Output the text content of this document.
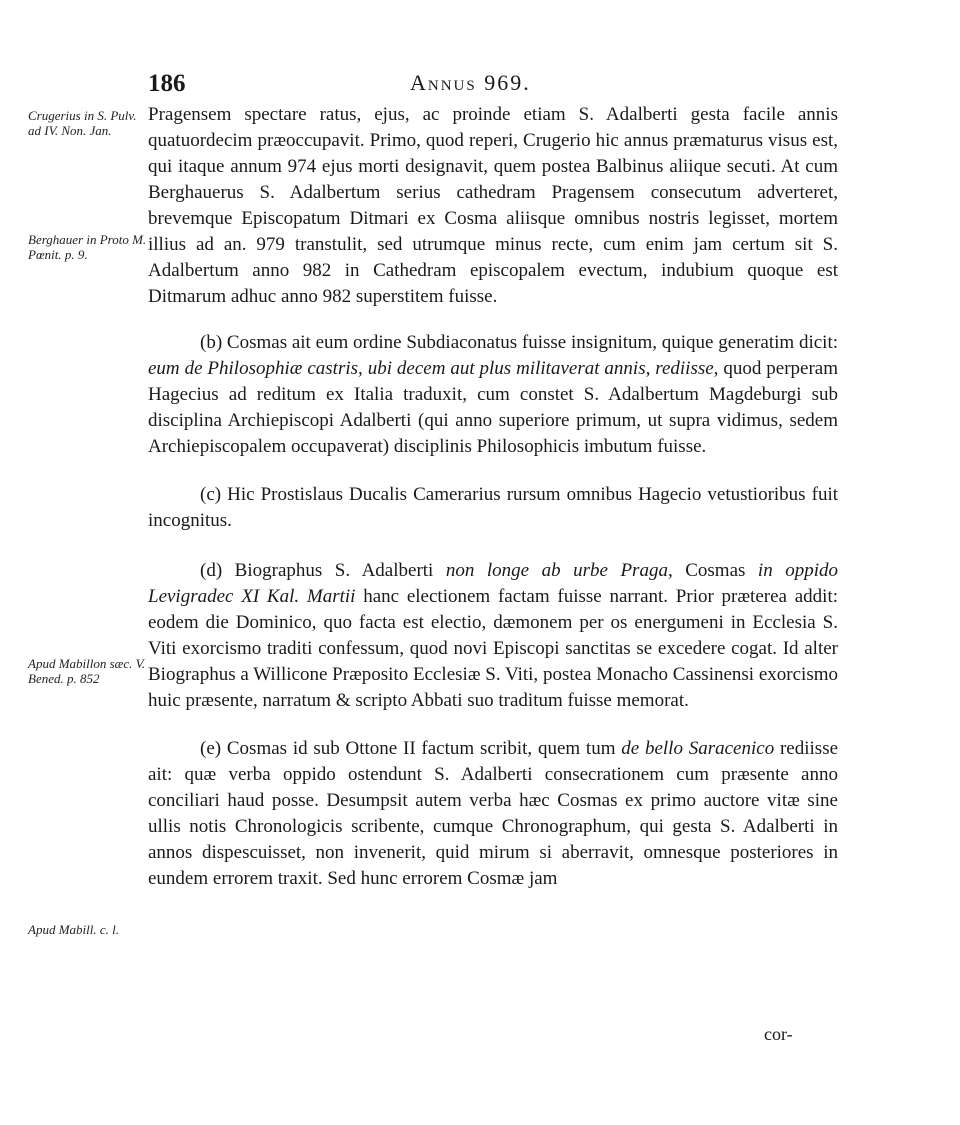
186	Annus 969.
Crugerius in S. Pulv. ad IV. Non. Jan.
Berghauer in Proto M. Pœnit. p. 9.
Apud Mabillon sæc. V. Bened. p. 852
Apud Mabill. c. l.

Pragensem spectare ratus, ejus, ac proinde etiam S. Adalberti gesta facile annis quatuordecim præoccupavit. Primo, quod reperi, Crugerio hic annus præmaturus visus est, qui itaque annum 974 ejus morti designavit, quem postea Balbinus aliique secuti. At cum Berghauerus S. Adalbertum serius cathedram Pragensem consecutum adverteret, brevemque Episcopatum Ditmari ex Cosma aliisque omnibus nostris legisset, mortem illius ad an. 979 transtulit, sed utrumque minus recte, cum enim jam certum sit S. Adalbertum anno 982 in Cathedram episcopalem evectum, indubium quoque est Ditmarum adhuc anno 982 superstitem fuisse.

(b) Cosmas ait eum ordine Subdiaconatus fuisse insignitum, quique generatim dicit: eum de Philosophiæ castris, ubi decem aut plus militaverat annis, rediisse, quod perperam Hagecius ad reditum ex Italia traduxit, cum constet S. Adalbertum Magdeburgi sub disciplina Archiepiscopi Adalberti (qui anno superiore primum, ut supra vidimus, sedem Archiepiscopalem occupaverat) disciplinis Philosophicis imbutum fuisse.

(c) Hic Prostislaus Ducalis Camerarius rursum omnibus Hagecio vetustioribus fuit incognitus.

(d) Biographus S. Adalberti non longe ab urbe Praga, Cosmas in oppido Levigradec XI Kal. Martii hanc electionem factam fuisse narrant. Prior præterea addit: eodem die Dominico, quo facta est electio, dæmonem per os energumeni in Ecclesia S. Viti exorcismo traditi confessum, quod novi Episcopi sanctitas se excedere cogat. Id alter Biographus a Willicone Præposito Ecclesiæ S. Viti, postea Monacho Cassinensi exorcismo huic præsente, narratum & scripto Abbati suo traditum fuisse memorat.

(e) Cosmas id sub Ottone II factum scribit, quem tum de bello Saracenico rediisse ait: quæ verba oppido ostendunt S. Adalberti consecrationem cum præsente anno conciliari haud posse. Desumpsit autem verba hæc Cosmas ex primo auctore vitæ sine ullis notis Chronologicis scribente, cumque Chronographum, qui gesta S. Adalberti in annos dispescuisset, non invenerit, quid mirum si aberravit, omnesque posteriores in eundem errorem traxit. Sed hunc errorem Cosmæ jam

cor-
